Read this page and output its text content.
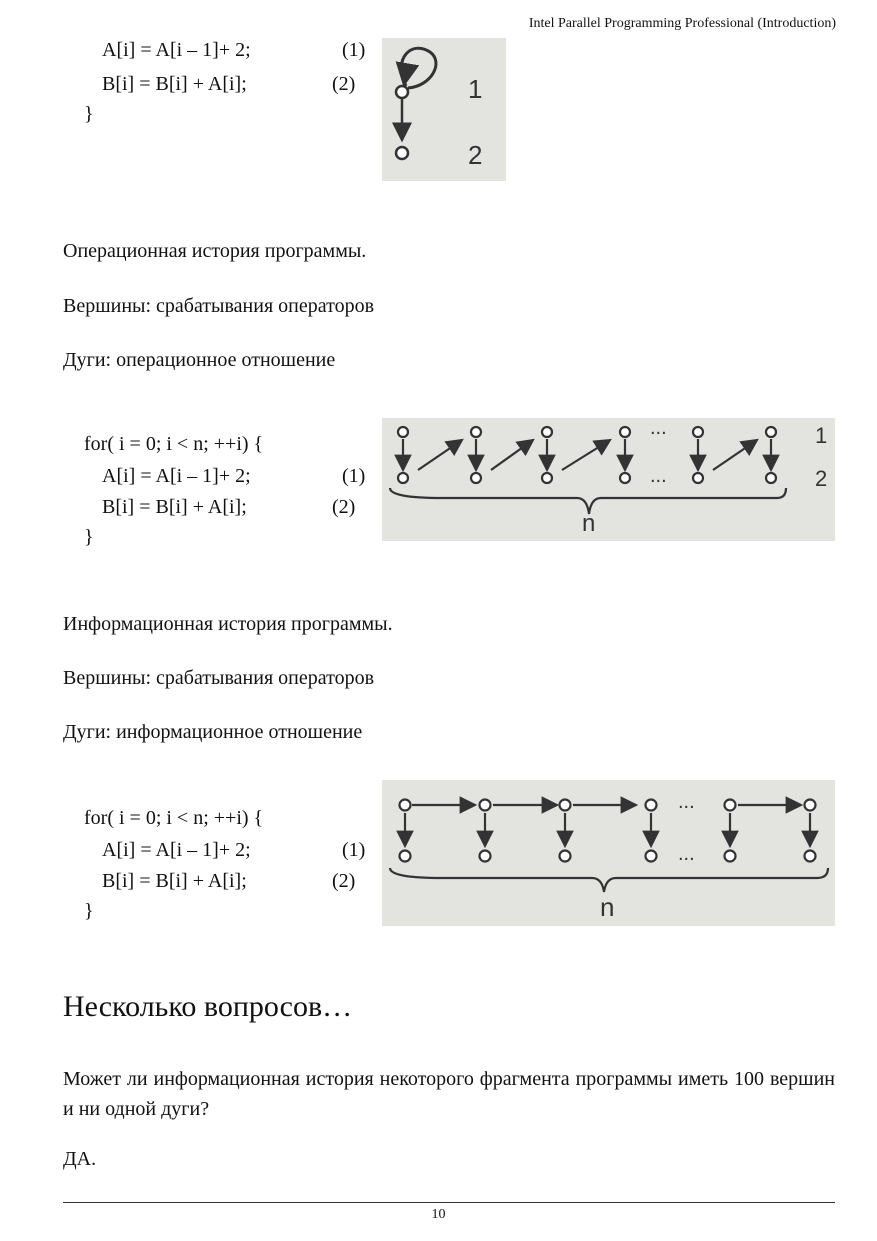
Intel Parallel Programming Professional (Introduction)
A[i] = A[i – 1]+ 2;
B[i] = B[i] + A[i];
}
(1)
(2)	1
2
Операционная история программы.
Вершины: срабатывания операторов
Дуги: операционное отношение
for( i = 0; i < n; ++i) {
A[i] = A[i – 1]+ 2;
B[i] = B[i] + A[i];
}
(1)
(2)
...
...
1
2
n
Информационная история программы.
Вершины: срабатывания операторов
Дуги: информационное отношение
for( i = 0; i < n; ++i) {
A[i] = A[i – 1]+ 2;
B[i] = B[i] + A[i];
}
(1)
(2)
...
...
n
Несколько вопросов…
Может ли информационная история некоторого фрагмента программы иметь 100 вершин и ни одной дуги?
ДА.
10
